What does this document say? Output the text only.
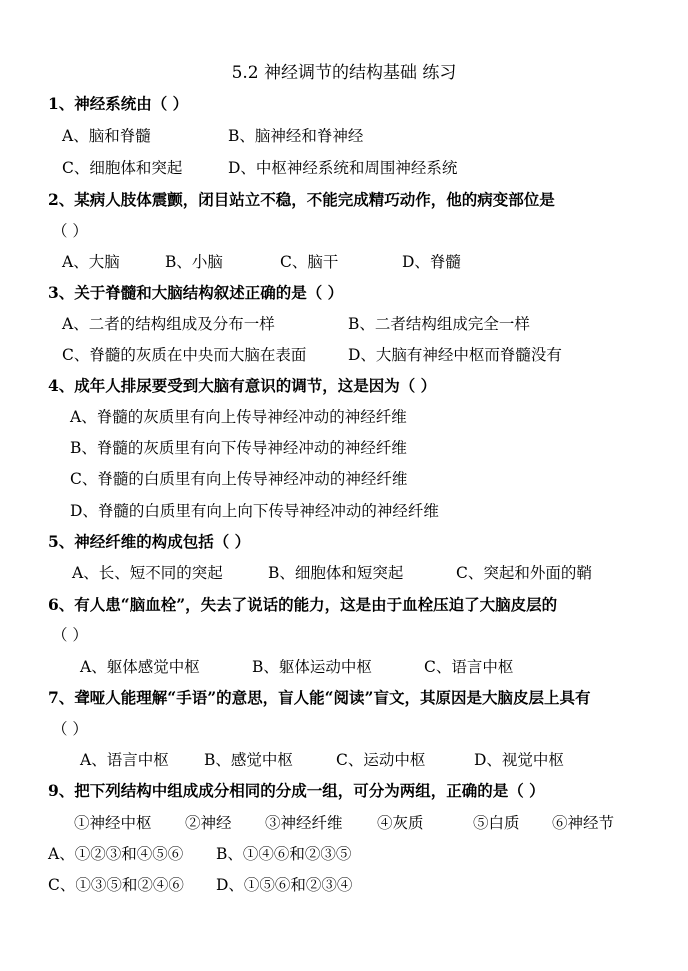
5.2 神经调节的结构基础 练习
1、神经系统由（ ）
A、脑和脊髓	B、脑神经和脊神经
C、细胞体和突起	D、中枢神经系统和周围神经系统
2、某病人肢体震颤，闭目站立不稳，不能完成精巧动作，他的病变部位是
（ ）
A、大脑	B、小脑	C、脑干	D、脊髓
3、关于脊髓和大脑结构叙述正确的是（ ）
A、二者的结构组成及分布一样	B、二者结构组成完全一样
C、脊髓的灰质在中央而大脑在表面	D、大脑有神经中枢而脊髓没有
4、成年人排尿要受到大脑有意识的调节，这是因为（ ）
A、脊髓的灰质里有向上传导神经冲动的神经纤维
B、脊髓的灰质里有向下传导神经冲动的神经纤维
C、脊髓的白质里有向上传导神经冲动的神经纤维
D、脊髓的白质里有向上向下传导神经冲动的神经纤维
5、神经纤维的构成包括（ ）
A、长、短不同的突起	B、细胞体和短突起	C、突起和外面的鞘
6、有人患“脑血栓”，失去了说话的能力，这是由于血栓压迫了大脑皮层的
（ ）
A、躯体感觉中枢	B、躯体运动中枢	C、语言中枢
7、聋哑人能理解“手语”的意思，盲人能“阅读”盲文，其原因是大脑皮层上具有
（ ）
A、语言中枢 B、感觉中枢	C、运动中枢	D、视觉中枢
9、把下列结构中组成成分相同的分成一组，可分为两组，正确的是（ ）
①神经中枢 ②神经 ③神经纤维 ④灰质	⑤白质 ⑥神经节
A、①②③和④⑤⑥ B、①④⑥和②③⑤
C、①③⑤和②④⑥ D、①⑤⑥和②③④
